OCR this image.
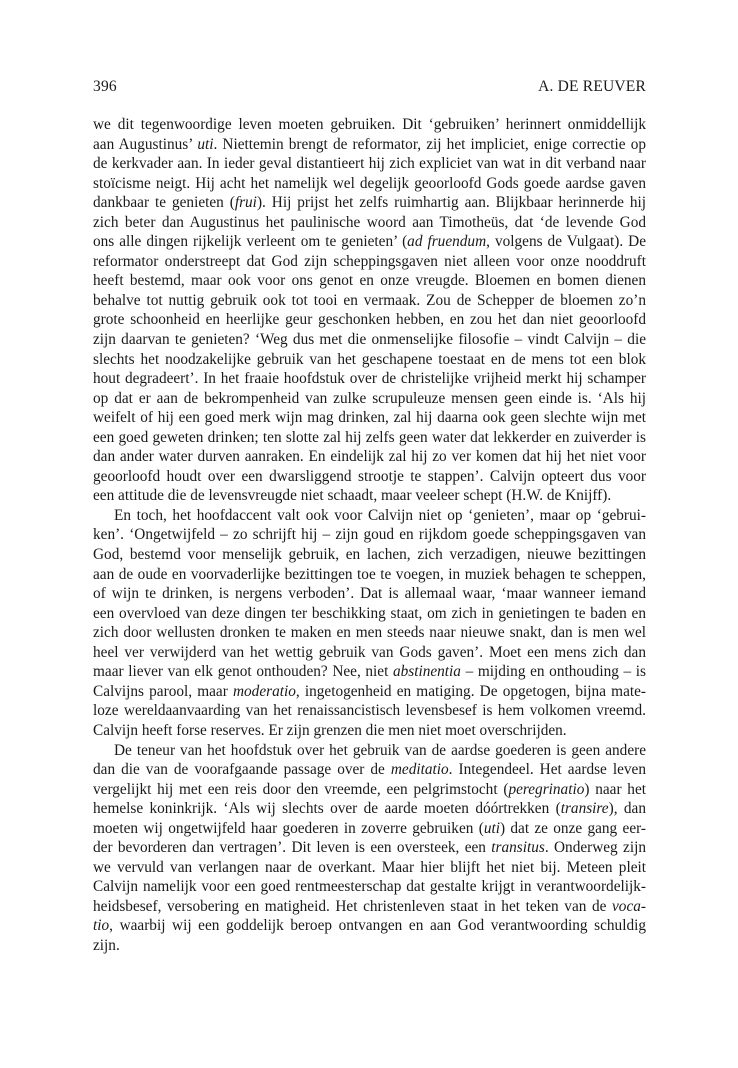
396	A. DE REUVER
we dit tegenwoordige leven moeten gebruiken. Dit ‘gebruiken’ herinnert onmiddellijk
aan Augustinus’ uti. Niettemin brengt de reformator, zij het impliciet, enige correctie op
de kerkvader aan. In ieder geval distantieert hij zich expliciet van wat in dit verband naar
stoïcisme neigt. Hij acht het namelijk wel degelijk geoorloofd Gods goede aardse gaven
dankbaar te genieten (frui). Hij prijst het zelfs ruimhartig aan. Blijkbaar herinnerde hij
zich beter dan Augustinus het paulinische woord aan Timotheüs, dat ‘de levende God
ons alle dingen rijkelijk verleent om te genieten’ (ad fruendum, volgens de Vulgaat). De
reformator onderstreept dat God zijn scheppingsgaven niet alleen voor onze nooddruft
heeft bestemd, maar ook voor ons genot en onze vreugde. Bloemen en bomen dienen
behalve tot nuttig gebruik ook tot tooi en vermaak. Zou de Schepper de bloemen zo’n
grote schoonheid en heerlijke geur geschonken hebben, en zou het dan niet geoorloofd
zijn daarvan te genieten? ‘Weg dus met die onmenselijke filosofie – vindt Calvijn – die
slechts het noodzakelijke gebruik van het geschapene toestaat en de mens tot een blok
hout degradeert’. In het fraaie hoofdstuk over de christelijke vrijheid merkt hij schamper
op dat er aan de bekrompenheid van zulke scrupuleuze mensen geen einde is. ‘Als hij
weifelt of hij een goed merk wijn mag drinken, zal hij daarna ook geen slechte wijn met
een goed geweten drinken; ten slotte zal hij zelfs geen water dat lekkerder en zuiverder is
dan ander water durven aanraken. En eindelijk zal hij zo ver komen dat hij het niet voor
geoorloofd houdt over een dwarsliggend strootje te stappen’. Calvijn opteert dus voor
een attitude die de levensvreugde niet schaadt, maar veeleer schept (H.W. de Knijff).
En toch, het hoofdaccent valt ook voor Calvijn niet op ‘genieten’, maar op ‘gebrui-
ken’. ‘Ongetwijfeld – zo schrijft hij – zijn goud en rijkdom goede scheppingsgaven van
God, bestemd voor menselijk gebruik, en lachen, zich verzadigen, nieuwe bezittingen
aan de oude en voorvaderlijke bezittingen toe te voegen, in muziek behagen te scheppen,
of wijn te drinken, is nergens verboden’. Dat is allemaal waar, ‘maar wanneer iemand
een overvloed van deze dingen ter beschikking staat, om zich in genietingen te baden en
zich door wellusten dronken te maken en men steeds naar nieuwe snakt, dan is men wel
heel ver verwijderd van het wettig gebruik van Gods gaven’. Moet een mens zich dan
maar liever van elk genot onthouden? Nee, niet abstinentia – mijding en onthouding – is
Calvijns parool, maar moderatio, ingetogenheid en matiging. De opgetogen, bijna mate-
loze wereldaanvaarding van het renaissancistisch levensbesef is hem volkomen vreemd.
Calvijn heeft forse reserves. Er zijn grenzen die men niet moet overschrijden.
De teneur van het hoofdstuk over het gebruik van de aardse goederen is geen andere
dan die van de voorafgaande passage over de meditatio. Integendeel. Het aardse leven
vergelijkt hij met een reis door den vreemde, een pelgrimstocht (peregrinatio) naar het
hemelse koninkrijk. ‘Als wij slechts over de aarde moeten dóórtrekken (transire), dan
moeten wij ongetwijfeld haar goederen in zoverre gebruiken (uti) dat ze onze gang eer-
der bevorderen dan vertragen’. Dit leven is een oversteek, een transitus. Onderweg zijn
we vervuld van verlangen naar de overkant. Maar hier blijft het niet bij. Meteen pleit
Calvijn namelijk voor een goed rentmeesterschap dat gestalte krijgt in verantwoordelijk-
heidsbesef, versobering en matigheid. Het christenleven staat in het teken van de voca-
tio, waarbij wij een goddelijk beroep ontvangen en aan God verantwoording schuldig
zijn.
